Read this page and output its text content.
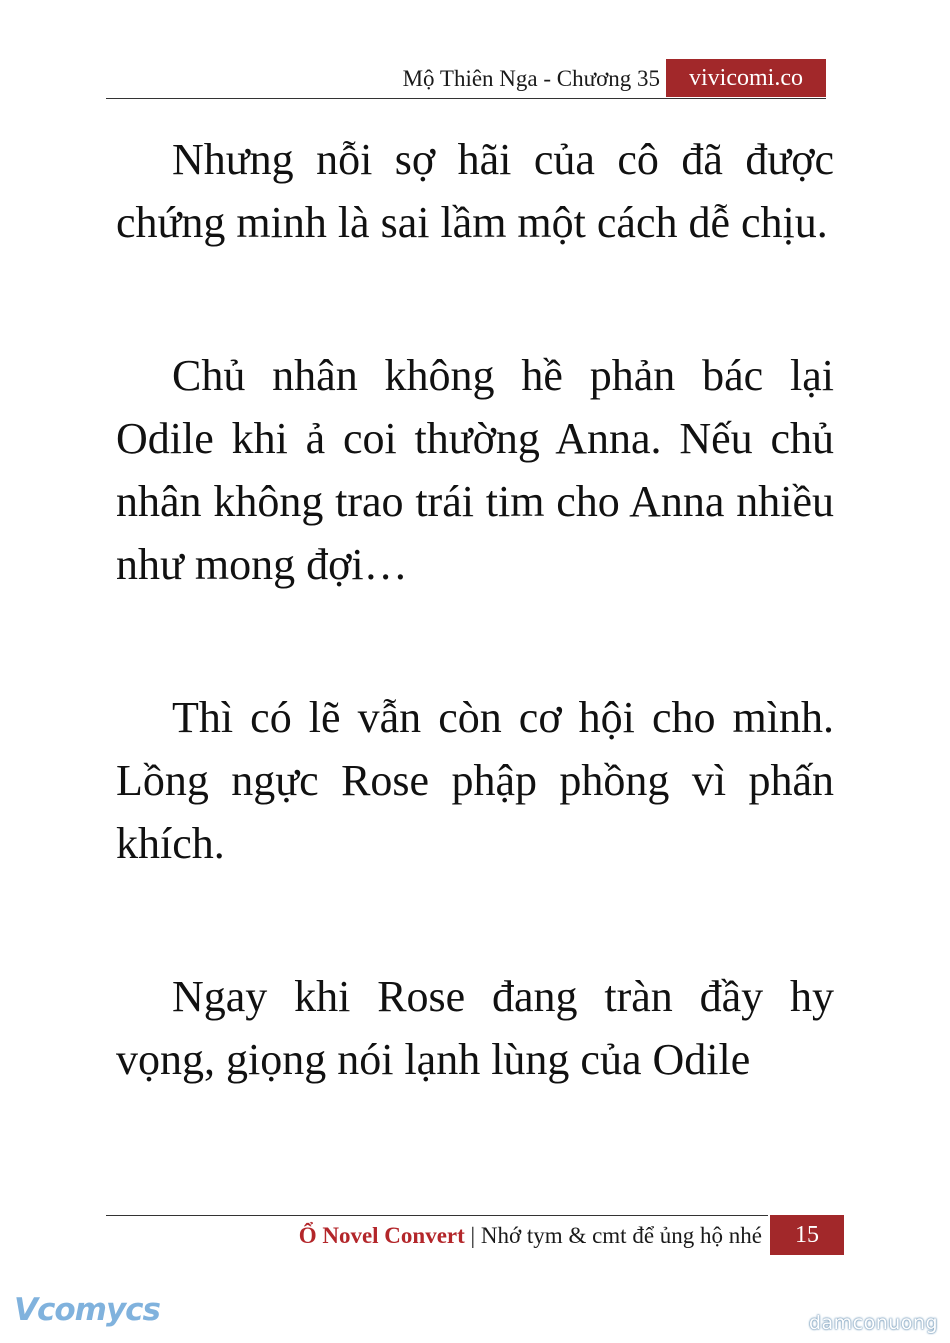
Mộ Thiên Nga - Chương 35	vivicomi.co

Nhưng nỗi sợ hãi của cô đã được chứng minh là sai lầm một cách dễ chịu.

Chủ nhân không hề phản bác lại Odile khi ả coi thường Anna. Nếu chủ nhân không trao trái tim cho Anna nhiều như mong đợi…

Thì có lẽ vẫn còn cơ hội cho mình. Lồng ngực Rose phập phồng vì phấn khích.

Ngay khi Rose đang tràn đầy hy vọng, giọng nói lạnh lùng của Odile

Ổ Novel Convert | Nhớ tym & cmt để ủng hộ nhé	15
Vcomycs	damconuong
